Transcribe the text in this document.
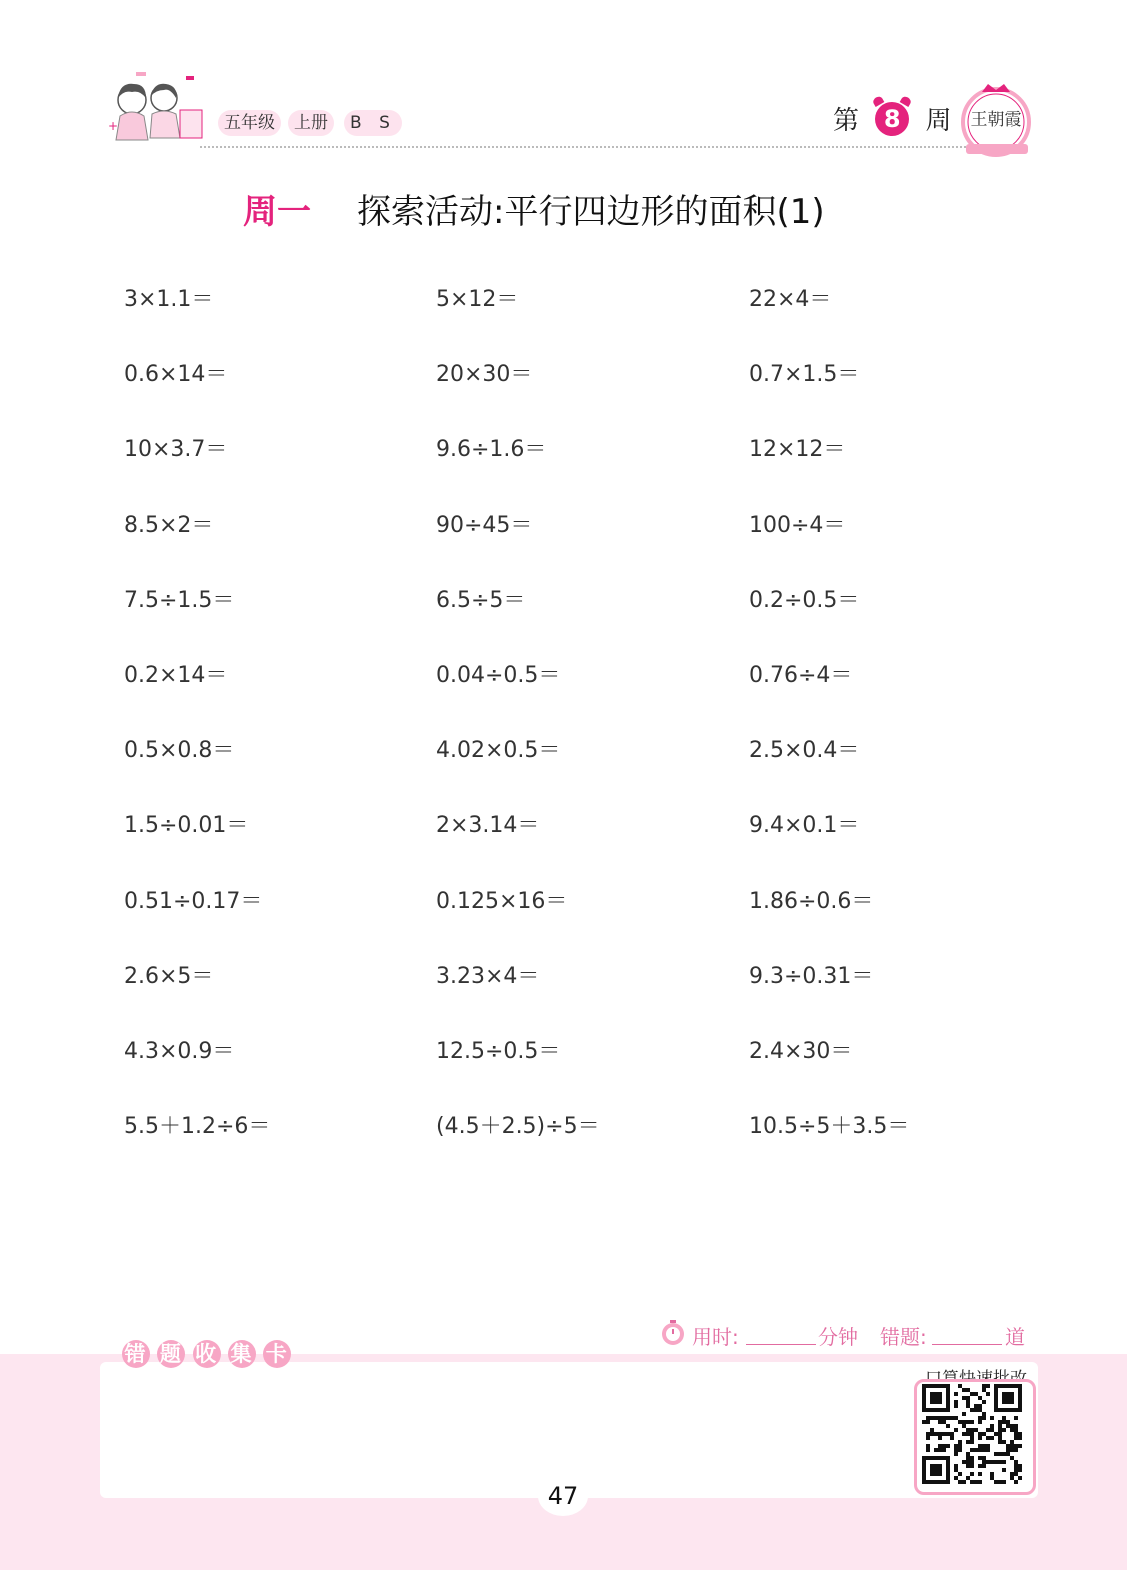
+	五年级	上册	B S	第 8 周 王朝霞
周一 探索活动:平行四边形的面积(1)
3×1.1＝	5×12＝	22×4＝
0.6×14＝	20×30＝	0.7×1.5＝
10×3.7＝	9.6÷1.6＝	12×12＝
8.5×2＝	90÷45＝	100÷4＝
7.5÷1.5＝	6.5÷5＝	0.2÷0.5＝
0.2×14＝	0.04÷0.5＝	0.76÷4＝
0.5×0.8＝	4.02×0.5＝	2.5×0.4＝
1.5÷0.01＝	2×3.14＝	9.4×0.1＝
0.51÷0.17＝	0.125×16＝	1.86÷0.6＝
2.6×5＝	3.23×4＝	9.3÷0.31＝
4.3×0.9＝	12.5÷0.5＝	2.4×30＝
5.5＋1.2÷6＝	(4.5＋2.5)÷5＝	10.5÷5＋3.5＝
用时:	分钟 错题:	道
错 题 收 集 卡
47
